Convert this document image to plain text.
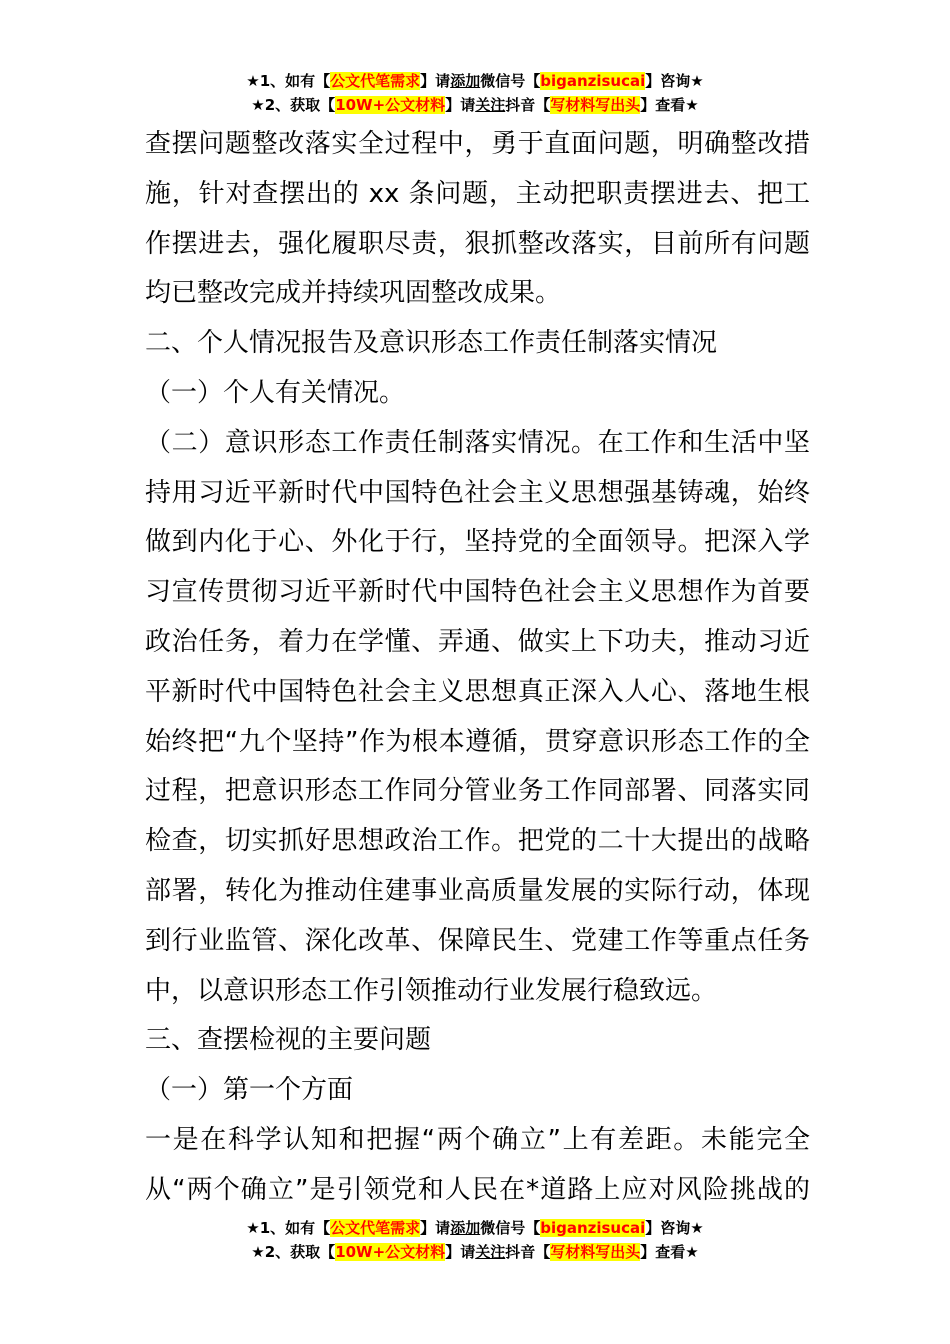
★1、如有【公文代笔需求】请添加微信号【biganzisucai】咨询★
★2、获取【10W+公文材料】请关注抖音【写材料写出头】查看★

查摆问题整改落实全过程中，勇于直面问题，明确整改措施，针对查摆出的 xx 条问题，主动把职责摆进去、把工作摆进去，强化履职尽责，狠抓整改落实，目前所有问题均已整改完成并持续巩固整改成果。

二、个人情况报告及意识形态工作责任制落实情况

（一）个人有关情况。

（二）意识形态工作责任制落实情况。在工作和生活中坚持用习近平新时代中国特色社会主义思想强基铸魂，始终做到内化于心、外化于行，坚持党的全面领导。把深入学习宣传贯彻习近平新时代中国特色社会主义思想作为首要政治任务，着力在学懂、弄通、做实上下功夫，推动习近平新时代中国特色社会主义思想真正深入人心、落地生根始终把“九个坚持”作为根本遵循，贯穿意识形态工作的全过程，把意识形态工作同分管业务工作同部署、同落实同检查，切实抓好思想政治工作。把党的二十大提出的战略部署，转化为推动住建事业高质量发展的实际行动，体现到行业监管、深化改革、保障民生、党建工作等重点任务中，以意识形态工作引领推动行业发展行稳致远。

三、查摆检视的主要问题

（一）第一个方面

一是在科学认知和把握“两个确立”上有差距。未能完全从“两个确立”是引领党和人民在*道路上应对风险挑战的

★1、如有【公文代笔需求】请添加微信号【biganzisucai】咨询★
★2、获取【10W+公文材料】请关注抖音【写材料写出头】查看★
